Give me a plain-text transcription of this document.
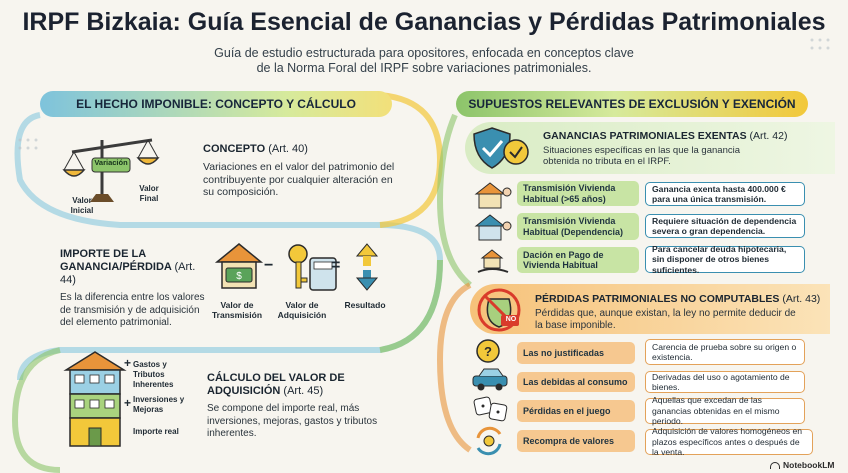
IRPF Bizkaia: Guía Esencial de Ganancias y Pérdidas Patrimoniales
Guía de estudio estructurada para opositores, enfocada en conceptos clave
de la Norma Foral del IRPF sobre variaciones patrimoniales.
EL HECHO IMPONIBLE: CONCEPTO Y CÁLCULO
Variación
Valor Inicial
Valor Final
CONCEPTO (Art. 40)
Variaciones en el valor del patrimonio del contribuyente por cualquier alteración en su composición.
IMPORTE DE LA GANANCIA/PÉRDIDA (Art. 44)
Es la diferencia entre los valores de transmisión y de adquisición del elemento patrimonial.
$
−	=
Valor de Transmisión
Valor de Adquisición
Resultado
+ Gastos y Tributos Inherentes
+ Inversiones y Mejoras
Importe real
CÁLCULO DEL VALOR DE ADQUISICIÓN (Art. 45)
Se compone del importe real, más inversiones, mejoras, gastos y tributos inherentes.
SUPUESTOS RELEVANTES DE EXCLUSIÓN Y EXENCIÓN
GANANCIAS PATRIMONIALES EXENTAS (Art. 42)
Situaciones específicas en las que la ganancia obtenida no tributa en el IRPF.
Transmisión Vivienda Habitual (>65 años)
Ganancia exenta hasta 400.000 € para una única transmisión.
Transmisión Vivienda Habitual (Dependencia)
Requiere situación de dependencia severa o gran dependencia.
Dación en Pago de Vivienda Habitual
Para cancelar deuda hipotecaria, sin disponer de otros bienes suficientes.
NO
PÉRDIDAS PATRIMONIALES NO COMPUTABLES (Art. 43)
Pérdidas que, aunque existan, la ley no permite deducir de la base imponible.
?	Las no justificadas
Carencia de prueba sobre su origen o existencia.
Las debidas al consumo
Derivadas del uso o agotamiento de bienes.
Pérdidas en el juego
Aquellas que excedan de las ganancias obtenidas en el mismo periodo.
Recompra de valores
Adquisición de valores homogéneos en plazos específicos antes o después de la venta.
NotebookLM
